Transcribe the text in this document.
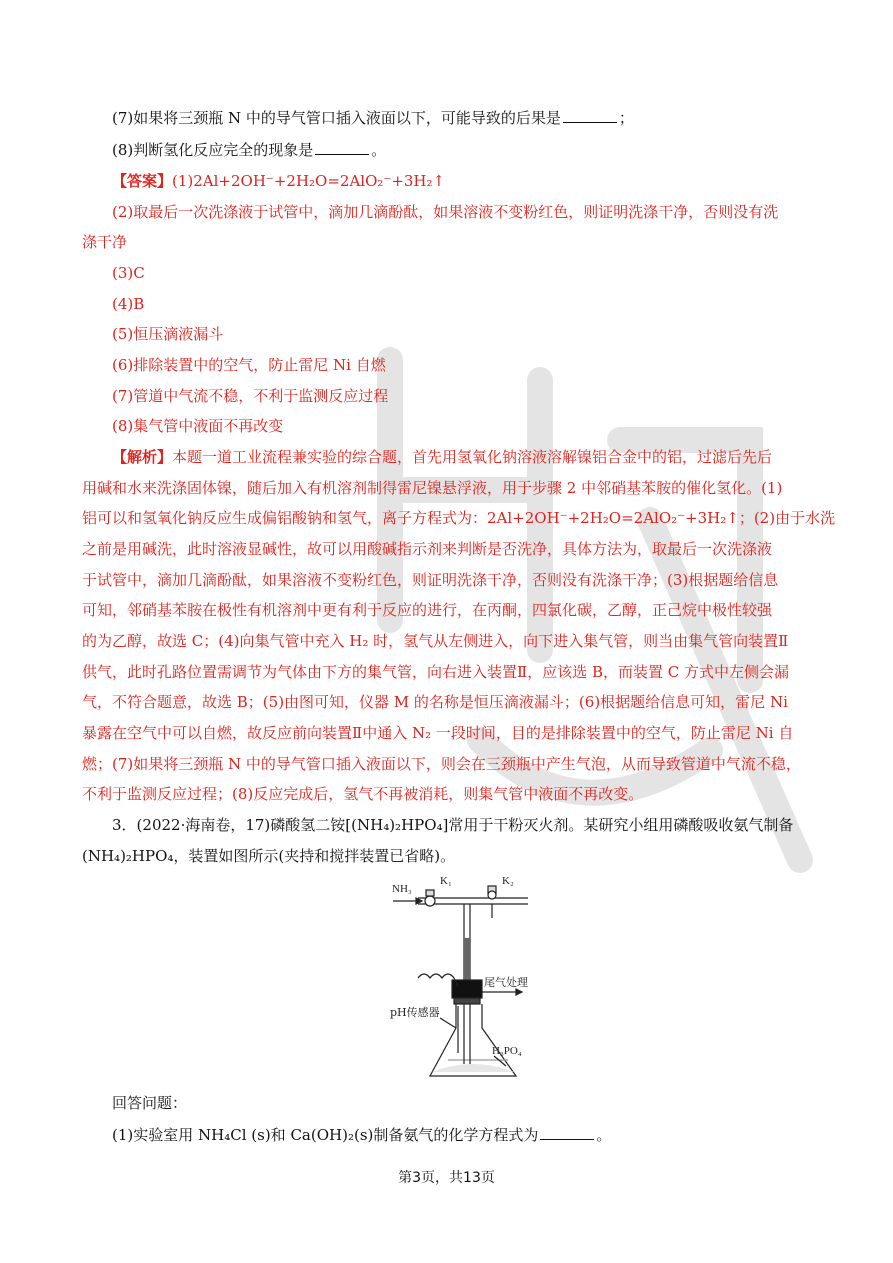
(7)如果将三颈瓶 N 中的导气管口插入液面以下，可能导致的后果是	；
(8)判断氢化反应完全的现象是	。
【答案】(1)2Al+2OH⁻+2H₂O=2AlO₂⁻+3H₂↑
(2)取最后一次洗涤液于试管中，滴加几滴酚酞，如果溶液不变粉红色，则证明洗涤干净，否则没有洗
涤干净
(3)C
(4)B
(5)恒压滴液漏斗
(6)排除装置中的空气，防止雷尼 Ni 自燃
(7)管道中气流不稳，不利于监测反应过程
(8)集气管中液面不再改变
【解析】本题一道工业流程兼实验的综合题，首先用氢氧化钠溶液溶解镍铝合金中的铝，过滤后先后
用碱和水来洗涤固体镍，随后加入有机溶剂制得雷尼镍悬浮液，用于步骤 2 中邻硝基苯胺的催化氢化。(1)
铝可以和氢氧化钠反应生成偏铝酸钠和氢气，离子方程式为：2Al+2OH⁻+2H₂O=2AlO₂⁻+3H₂↑；(2)由于水洗
之前是用碱洗，此时溶液显碱性，故可以用酸碱指示剂来判断是否洗净，具体方法为，取最后一次洗涤液
于试管中，滴加几滴酚酞，如果溶液不变粉红色，则证明洗涤干净，否则没有洗涤干净；(3)根据题给信息
可知，邻硝基苯胺在极性有机溶剂中更有利于反应的进行，在丙酮，四氯化碳，乙醇，正己烷中极性较强
的为乙醇，故选 C；(4)向集气管中充入 H₂ 时，氢气从左侧进入，向下进入集气管，则当由集气管向装置Ⅱ
供气，此时孔路位置需调节为气体由下方的集气管，向右进入装置Ⅱ，应该选 B，而装置 C 方式中左侧会漏
气，不符合题意，故选 B；(5)由图可知，仪器 M 的名称是恒压滴液漏斗；(6)根据题给信息可知，雷尼 Ni
暴露在空气中可以自燃，故反应前向装置Ⅱ中通入 N₂ 一段时间，目的是排除装置中的空气，防止雷尼 Ni 自
燃；(7)如果将三颈瓶 N 中的导气管口插入液面以下，则会在三颈瓶中产生气泡，从而导致管道中气流不稳，
不利于监测反应过程；(8)反应完成后，氢气不再被消耗，则集气管中液面不再改变。
3．(2022·海南卷，17)磷酸氢二铵[(NH₄)₂HPO₄]常用于干粉灭火剂。某研究小组用磷酸吸收氨气制备
(NH₄)₂HPO₄，装置如图所示(夹持和搅拌装置已省略)。
NH₃
K₁	K₂
尾气处理
pH传感器
H₃PO₄
回答问题：
(1)实验室用 NH₄Cl (s)和 Ca(OH)₂(s)制备氨气的化学方程式为	。
第3页，共13页
